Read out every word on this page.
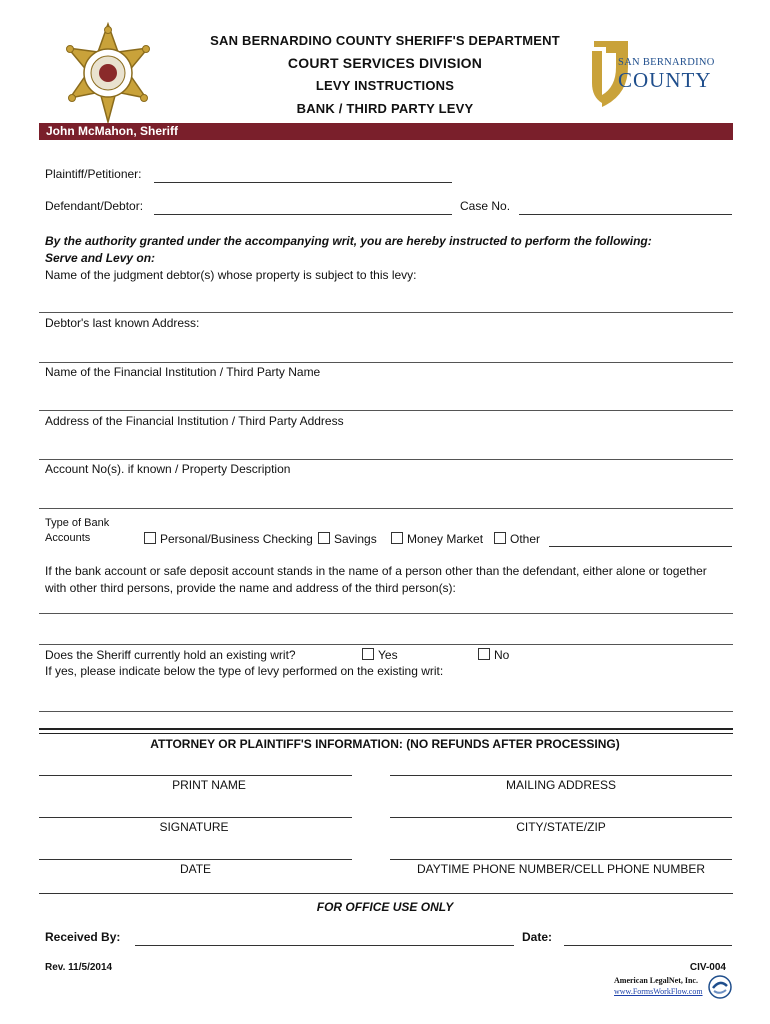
SAN BERNARDINO COUNTY SHERIFF'S DEPARTMENT
COURT SERVICES DIVISION
LEVY INSTRUCTIONS
BANK / THIRD PARTY LEVY
SAN BERNARDINO
COUNTY
John McMahon, Sheriff
Plaintiff/Petitioner:
Defendant/Debtor:	Case No.
By the authority granted under the accompanying writ, you are hereby instructed to perform the following:
Serve and Levy on:
Name of the judgment debtor(s) whose property is subject to this levy:
Debtor's last known Address:
Name of the Financial Institution / Third Party Name
Address of the Financial Institution / Third Party Address
Account No(s). if known / Property Description
Type of Bank
Accounts	Personal/Business Checking	Savings	Money Market	Other
If the bank account or safe deposit account stands in the name of a person other than the defendant, either alone or together with other third persons, provide the name and address of the third person(s):
Does the Sheriff currently hold an existing writ?	Yes	No
If yes, please indicate below the type of levy performed on the existing writ:
ATTORNEY OR PLAINTIFF'S INFORMATION: (NO REFUNDS AFTER PROCESSING)
PRINT NAME	MAILING ADDRESS
SIGNATURE	CITY/STATE/ZIP
DATE	DAYTIME PHONE NUMBER/CELL PHONE NUMBER
FOR OFFICE USE ONLY
Received By:	Date:
Rev. 11/5/2014	CIV-004
American LegalNet, Inc.
www.FormsWorkFlow.com
